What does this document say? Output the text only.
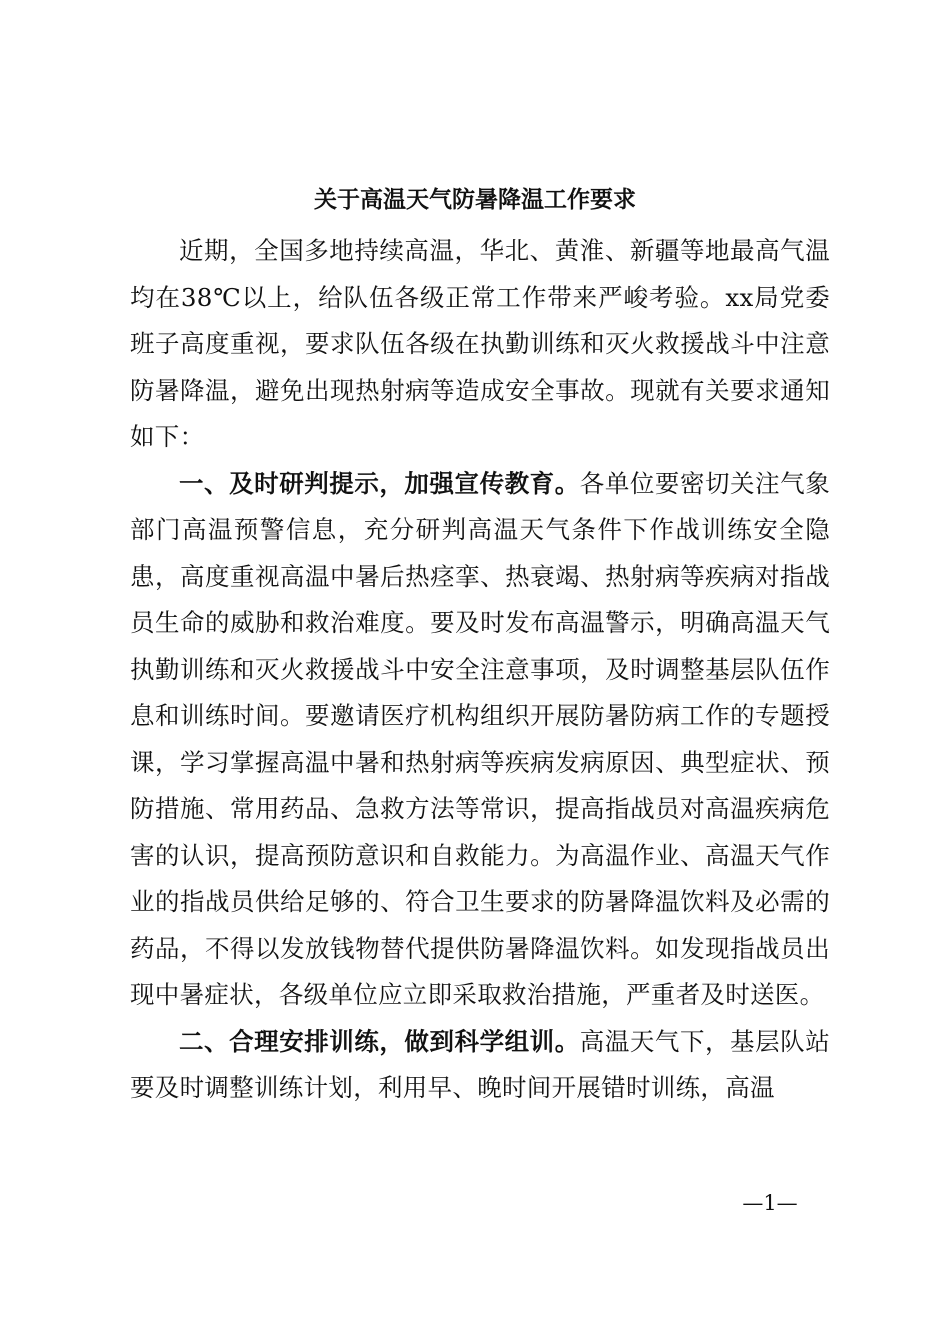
关于高温天气防暑降温工作要求

近期，全国多地持续高温，华北、黄淮、新疆等地最高气温均在38℃以上，给队伍各级正常工作带来严峻考验。xx局党委班子高度重视，要求队伍各级在执勤训练和灭火救援战斗中注意防暑降温，避免出现热射病等造成安全事故。现就有关要求通知如下：

一、及时研判提示，加强宣传教育。各单位要密切关注气象部门高温预警信息，充分研判高温天气条件下作战训练安全隐患，高度重视高温中暑后热痉挛、热衰竭、热射病等疾病对指战员生命的威胁和救治难度。要及时发布高温警示，明确高温天气执勤训练和灭火救援战斗中安全注意事项，及时调整基层队伍作息和训练时间。要邀请医疗机构组织开展防暑防病工作的专题授课，学习掌握高温中暑和热射病等疾病发病原因、典型症状、预防措施、常用药品、急救方法等常识，提高指战员对高温疾病危害的认识，提高预防意识和自救能力。为高温作业、高温天气作业的指战员供给足够的、符合卫生要求的防暑降温饮料及必需的药品，不得以发放钱物替代提供防暑降温饮料。如发现指战员出现中暑症状，各级单位应立即采取救治措施，严重者及时送医。

二、合理安排训练，做到科学组训。高温天气下，基层队站要及时调整训练计划，利用早、晚时间开展错时训练，高温

—1—
